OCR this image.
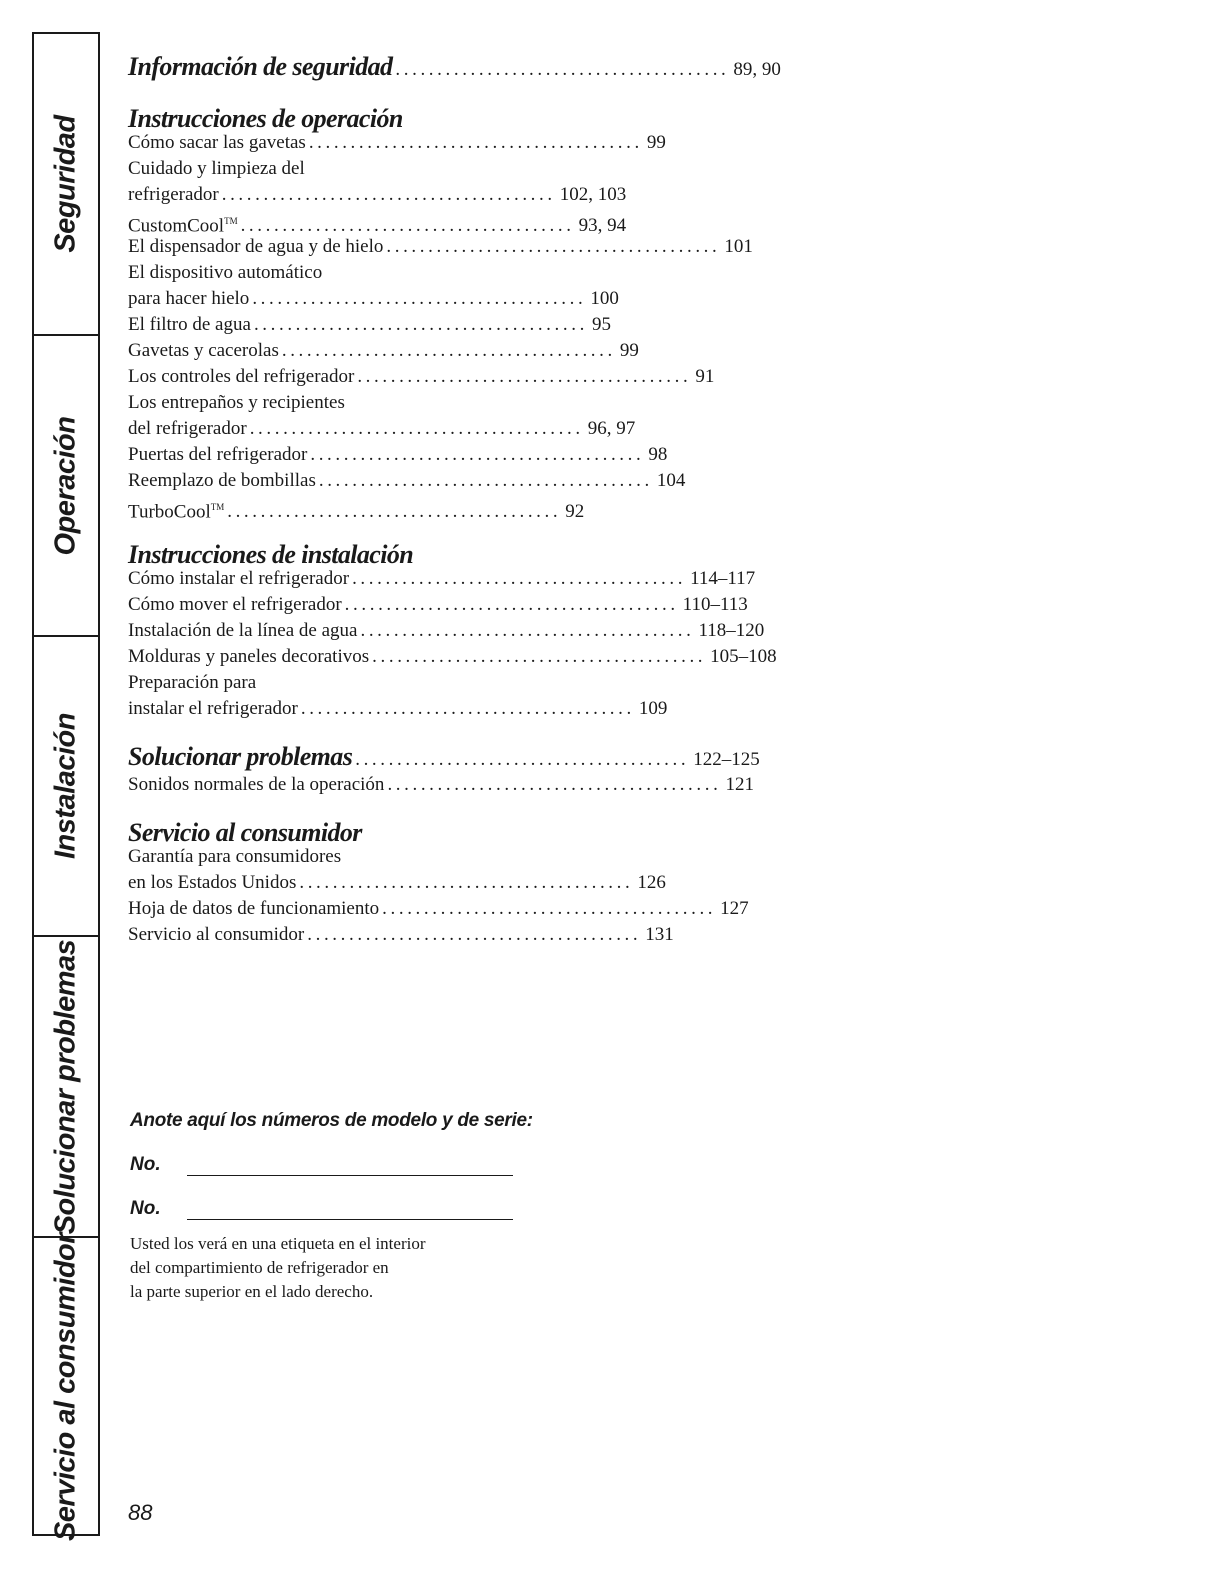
Seguridad
Operación
Instalación
Solucionar problemas
Servicio al consumidor
Información de seguridad ........................................ 89, 90
Instrucciones de operación
Cómo sacar las gavetas ........................................ 99
Cuidado y limpieza del
refrigerador ........................................ 102, 103
CustomCool™ ........................................ 93, 94
El dispensador de agua y de hielo ........................................ 101
El dispositivo automático
para hacer hielo ........................................ 100
El filtro de agua ........................................ 95
Gavetas y cacerolas ........................................ 99
Los controles del refrigerador ........................................ 91
Los entrepaños y recipientes
del refrigerador ........................................ 96, 97
Puertas del refrigerador ........................................ 98
Reemplazo de bombillas ........................................ 104
TurboCool™ ........................................ 92
Instrucciones de instalación
Cómo instalar el refrigerador ........................................ 114–117
Cómo mover el refrigerador ........................................ 110–113
Instalación de la línea de agua ........................................ 118–120
Molduras y paneles decorativos ........................................ 105–108
Preparación para
instalar el refrigerador ........................................ 109
Solucionar problemas ........................................ 122–125
Sonidos normales de la operación ........................................ 121
Servicio al consumidor
Garantía para consumidores
en los Estados Unidos ........................................ 126
Hoja de datos de funcionamiento ........................................ 127
Servicio al consumidor ........................................ 131
Anote aquí los números de modelo y de serie:
No.
No.
Usted los verá en una etiqueta en el interior
del compartimiento de refrigerador en
la parte superior en el lado derecho.
88
